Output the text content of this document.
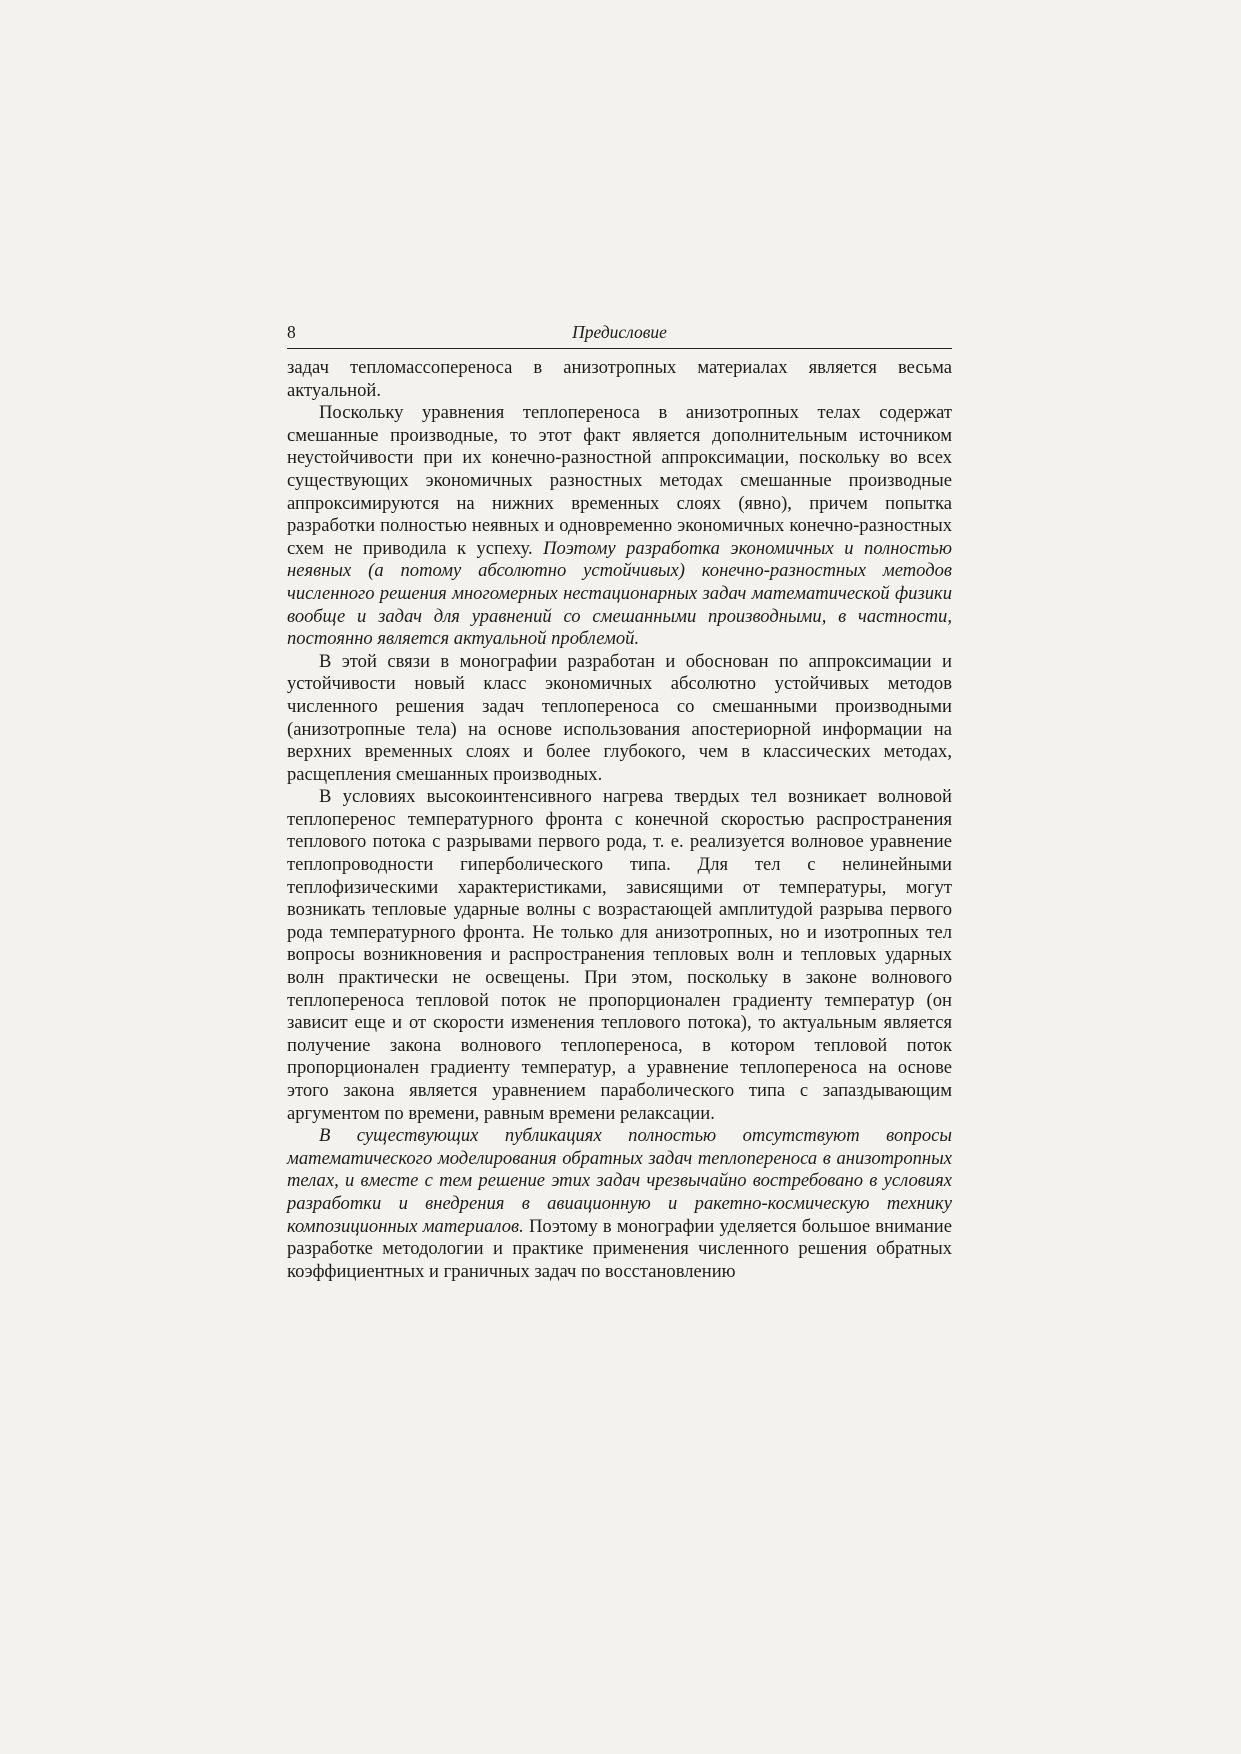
8	Предисловие

задач тепломассопереноса в анизотропных материалах является весьма актуальной.

Поскольку уравнения теплопереноса в анизотропных телах содержат смешанные производные, то этот факт является дополнительным источником неустойчивости при их конечно-разностной аппроксимации, поскольку во всех существующих экономичных разностных методах смешанные производные аппроксимируются на нижних временных слоях (явно), причем попытка разработки полностью неявных и одновременно экономичных конечно-разностных схем не приводила к успеху. Поэтому разработка экономичных и полностью неявных (а потому абсолютно устойчивых) конечно-разностных методов численного решения многомерных нестационарных задач математической физики вообще и задач для уравнений со смешанными производными, в частности, постоянно является актуальной проблемой.

В этой связи в монографии разработан и обоснован по аппроксимации и устойчивости новый класс экономичных абсолютно устойчивых методов численного решения задач теплопереноса со смешанными производными (анизотропные тела) на основе использования апостериорной информации на верхних временных слоях и более глубокого, чем в классических методах, расщепления смешанных производных.

В условиях высокоинтенсивного нагрева твердых тел возникает волновой теплоперенос температурного фронта с конечной скоростью распространения теплового потока с разрывами первого рода, т. е. реализуется волновое уравнение теплопроводности гиперболического типа. Для тел с нелинейными теплофизическими характеристиками, зависящими от температуры, могут возникать тепловые ударные волны с возрастающей амплитудой разрыва первого рода температурного фронта. Не только для анизотропных, но и изотропных тел вопросы возникновения и распространения тепловых волн и тепловых ударных волн практически не освещены. При этом, поскольку в законе волнового теплопереноса тепловой поток не пропорционален градиенту температур (он зависит еще и от скорости изменения теплового потока), то актуальным является получение закона волнового теплопереноса, в котором тепловой поток пропорционален градиенту температур, а уравнение теплопереноса на основе этого закона является уравнением параболического типа с запаздывающим аргументом по времени, равным времени релаксации.

В существующих публикациях полностью отсутствуют вопросы математического моделирования обратных задач теплопереноса в анизотропных телах, и вместе с тем решение этих задач чрезвычайно востребовано в условиях разработки и внедрения в авиационную и ракетно-космическую технику композиционных материалов. Поэтому в монографии уделяется большое внимание разработке методологии и практике применения численного решения обратных коэффициентных и граничных задач по восстановлению
